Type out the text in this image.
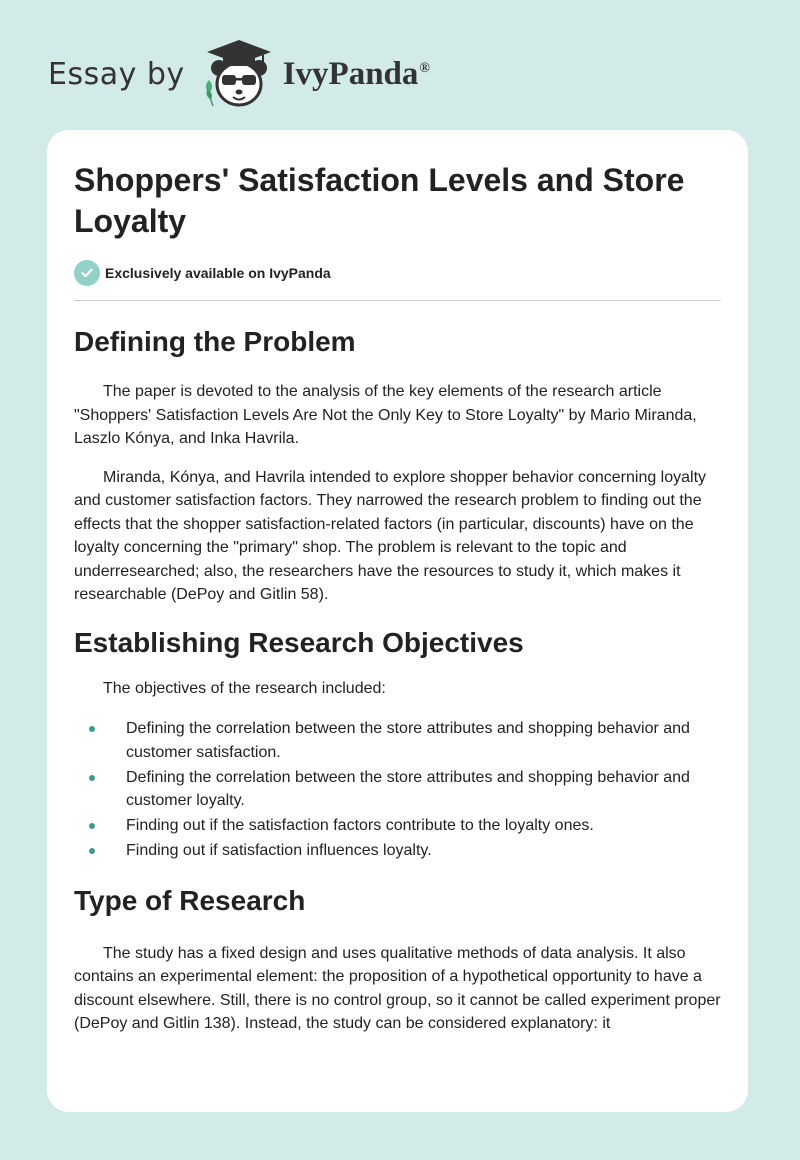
Essay by	IvyPanda®
Shoppers' Satisfaction Levels and Store Loyalty
Exclusively available on IvyPanda
Defining the Problem

The paper is devoted to the analysis of the key elements of the research article "Shoppers' Satisfaction Levels Are Not the Only Key to Store Loyalty" by Mario Miranda, Laszlo Kónya, and Inka Havrila.

Miranda, Kónya, and Havrila intended to explore shopper behavior concerning loyalty and customer satisfaction factors. They narrowed the research problem to finding out the effects that the shopper satisfaction-related factors (in particular, discounts) have on the loyalty concerning the "primary" shop. The problem is relevant to the topic and underresearched; also, the researchers have the resources to study it, which makes it researchable (DePoy and Gitlin 58).

Establishing Research Objectives

The objectives of the research included:

Defining the correlation between the store attributes and shopping behavior and customer satisfaction.
Defining the correlation between the store attributes and shopping behavior and customer loyalty.
Finding out if the satisfaction factors contribute to the loyalty ones.
Finding out if satisfaction influences loyalty.
Type of Research

The study has a fixed design and uses qualitative methods of data analysis. It also contains an experimental element: the proposition of a hypothetical opportunity to have a discount elsewhere. Still, there is no control group, so it cannot be called experiment proper (DePoy and Gitlin 138). Instead, the study can be considered explanatory: it
